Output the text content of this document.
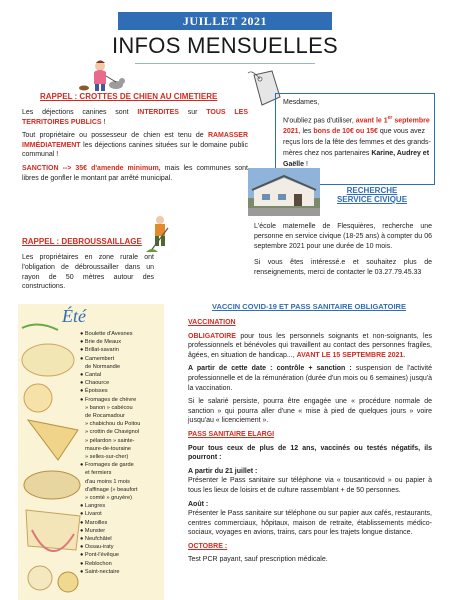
JUILLET 2021
INFOS MENSUELLES
RAPPEL : CROTTES DE CHIEN AU CIMETIERE

Les déjections canines sont INTERDITES sur TOUS LES TERRITOIRES PUBLICS !

Tout propriétaire ou possesseur de chien est tenu de RAMASSER IMMÉDIATEMENT les déjections canines situées sur le domaine public communal !

SANCTION --> 35€ d'amende minimum, mais les communes sont libres de gonfler le montant par arrêté municipal.

Mesdames,
N'oubliez pas d'utiliser, avant le 1er septembre 2021, les bons de 10€ ou 15€ que vous avez reçus lors de la fête des femmes et des grands-mères chez nos partenaires Karine, Audrey et Gaëlle !
RECHERCHE
SERVICE CIVIQUE

L'école maternelle de Flesquières, recherche une personne en service civique (18-25 ans) à compter du 06 septembre 2021 pour une durée de 10 mois.

Si vous êtes intéressé.e et souhaitez plus de renseignements, merci de contacter le 03.27.79.45.33

RAPPEL : DEBROUSSAILLAGE
Les propriétaires en zone rurale ont l'obligation de débroussailler dans un rayon de 50 mètres autour des constructions.
Été
● Boulette d'Avesnes
● Brie de Meaux
● Brillat-savarin
● Camembert
de Normandie
● Cantal
● Chaource
● Époisses
● Fromages de chèvre
» banon » cabécou
de Rocamadour
» chabichou du Poitou
» crottin de Chavignol
» pélardon » sainte-
maure-de-touraine
» selles-sur-cher)
● Fromages de garde
et fermiers
d'au moins 1 mois
d'affinage (» beaufort
» comté » gruyère)
● Langres
● Livarot
● Maroilles
● Munster
● Neufchâtel
● Ossau-iraty
● Pont-l'évêque
● Reblochon
● Saint-nectaire
VACCIN COVID-19 ET PASS SANITAIRE OBLIGATOIRE

VACCINATION

OBLIGATOIRE pour tous les personnels soignants et non-soignants, les professionnels et bénévoles qui travaillent au contact des personnes fragiles, âgées, en situation de handicap..., AVANT LE 15 SEPTEMBRE 2021.

A partir de cette date : contrôle + sanction : suspension de l'activité professionnelle et de la rémunération (durée d'un mois ou 6 semaines) jusqu'à la vaccination.

Si le salarié persiste, pourra être engagée une « procédure normale de sanction » qui pourra aller d'une « mise à pied de quelques jours » voire jusqu'au « licenciement ».

PASS SANITAIRE ELARGI

Pour tous ceux de plus de 12 ans, vaccinés ou testés négatifs, ils pourront :

A partir du 21 juillet :
Présenter le Pass sanitaire sur téléphone via « tousanticovid » ou papier à tous les lieux de loisirs et de culture rassemblant + de 50 personnes.

Août :
Présenter le Pass sanitaire sur téléphone ou sur papier aux cafés, restaurants, centres commerciaux, hôpitaux, maison de retraite, établissements médico-sociaux, voyages en avions, trains, cars pour les trajets longue distance.

OCTOBRE :

Test PCR payant, sauf prescription médicale.
